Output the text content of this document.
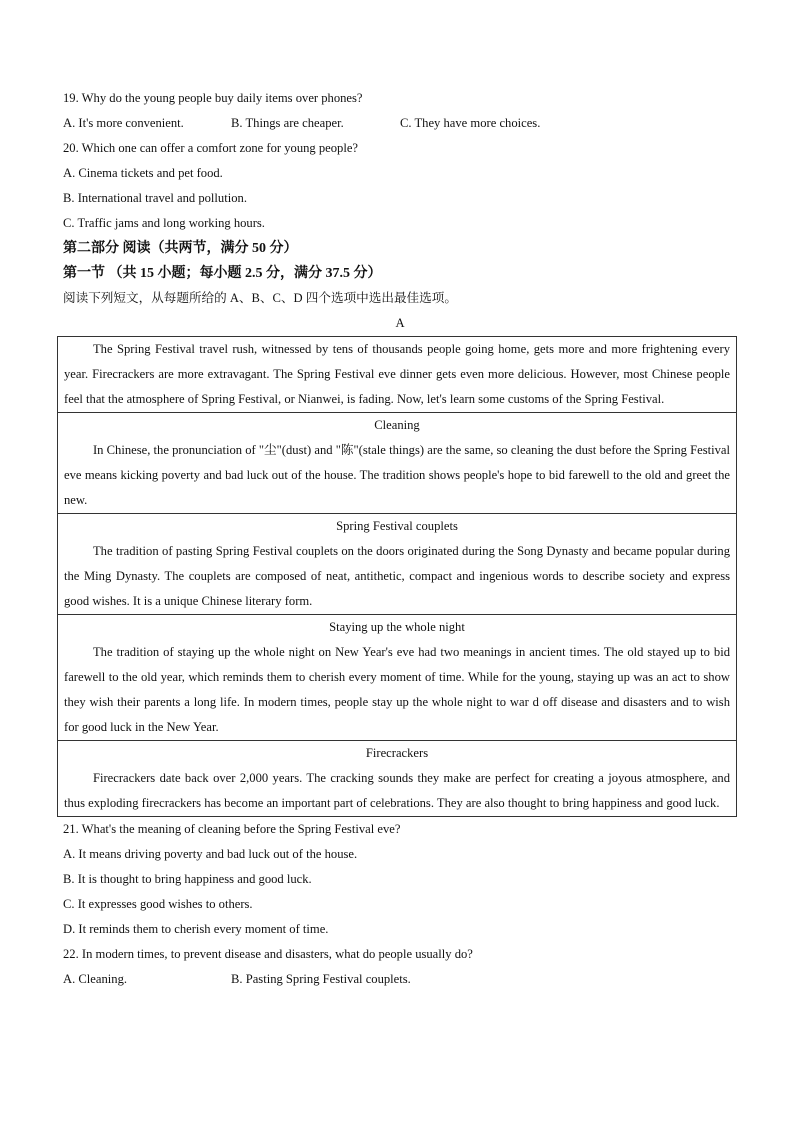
19. Why do the young people buy daily items over phones?
A. It's more convenient.	B. Things are cheaper.	C. They have more choices.
20. Which one can offer a comfort zone for young people?
A. Cinema tickets and pet food.
B. International travel and pollution.
C. Traffic jams and long working hours.
第二部分 阅读（共两节，满分 50 分）
第一节 （共 15 小题；每小题 2.5 分，满分 37.5 分）
阅读下列短文，从每题所给的 A、B、C、D 四个选项中选出最佳选项。
A

The Spring Festival travel rush, witnessed by tens of thousands people going home, gets more and more frightening every year. Firecrackers are more extravagant. The Spring Festival eve dinner gets even more delicious. However, most Chinese people feel that the atmosphere of Spring Festival, or Nianwei, is fading. Now, let's learn some customs of the Spring Festival.

Cleaning

In Chinese, the pronunciation of "尘"(dust) and "陈"(stale things) are the same, so cleaning the dust before the Spring Festival eve means kicking poverty and bad luck out of the house. The tradition shows people's hope to bid farewell to the old and greet the new.

Spring Festival couplets

The tradition of pasting Spring Festival couplets on the doors originated during the Song Dynasty and became popular during the Ming Dynasty. The couplets are composed of neat, antithetic, compact and ingenious words to describe society and express good wishes. It is a unique Chinese literary form.

Staying up the whole night

The tradition of staying up the whole night on New Year's eve had two meanings in ancient times. The old stayed up to bid farewell to the old year, which reminds them to cherish every moment of time. While for the young, staying up was an act to show they wish their parents a long life. In modern times, people stay up the whole night to war d off disease and disasters and to wish for good luck in the New Year.

Firecrackers

Firecrackers date back over 2,000 years. The cracking sounds they make are perfect for creating a joyous atmosphere, and thus exploding firecrackers has become an important part of celebrations. They are also thought to bring happiness and good luck.

21. What's the meaning of cleaning before the Spring Festival eve?
A. It means driving poverty and bad luck out of the house.
B. It is thought to bring happiness and good luck.
C. It expresses good wishes to others.
D. It reminds them to cherish every moment of time.
22. In modern times, to prevent disease and disasters, what do people usually do?
A. Cleaning.	B. Pasting Spring Festival couplets.
